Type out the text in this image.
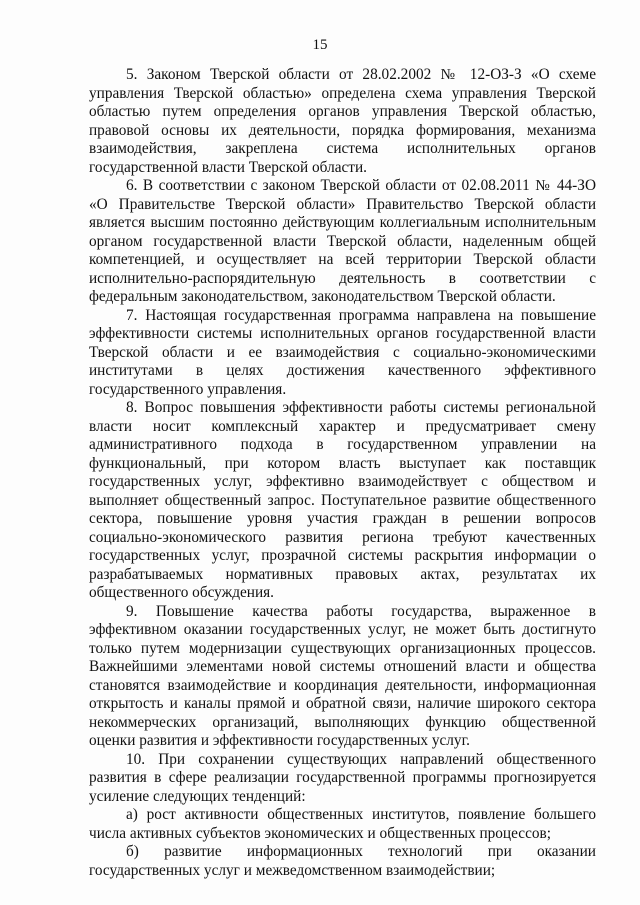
15

5. Законом Тверской области от 28.02.2002 № 12-ОЗ-З «О схеме управления Тверской областью» определена схема управления Тверской областью путем определения органов управления Тверской областью, правовой основы их деятельности, порядка формирования, механизма взаимодействия, закреплена система исполнительных органов государственной власти Тверской области.

6. В соответствии с законом Тверской области от 02.08.2011 № 44-ЗО «О Правительстве Тверской области» Правительство Тверской области является высшим постоянно действующим коллегиальным исполнительным органом государственной власти Тверской области, наделенным общей компетенцией, и осуществляет на всей территории Тверской области исполнительно-распорядительную деятельность в соответствии с федеральным законодательством, законодательством Тверской области.

7. Настоящая государственная программа направлена на повышение эффективности системы исполнительных органов государственной власти Тверской области и ее взаимодействия с социально-экономическими институтами в целях достижения качественного эффективного государственного управления.

8. Вопрос повышения эффективности работы системы региональной власти носит комплексный характер и предусматривает смену административного подхода в государственном управлении на функциональный, при котором власть выступает как поставщик государственных услуг, эффективно взаимодействует с обществом и выполняет общественный запрос. Поступательное развитие общественного сектора, повышение уровня участия граждан в решении вопросов социально-экономического развития региона требуют качественных государственных услуг, прозрачной системы раскрытия информации о разрабатываемых нормативных правовых актах, результатах их общественного обсуждения.

9. Повышение качества работы государства, выраженное в эффективном оказании государственных услуг, не может быть достигнуто только путем модернизации существующих организационных процессов. Важнейшими элементами новой системы отношений власти и общества становятся взаимодействие и координация деятельности, информационная открытость и каналы прямой и обратной связи, наличие широкого сектора некоммерческих организаций, выполняющих функцию общественной оценки развития и эффективности государственных услуг.

10. При сохранении существующих направлений общественного развития в сфере реализации государственной программы прогнозируется усиление следующих тенденций:

а) рост активности общественных институтов, появление большего числа активных субъектов экономических и общественных процессов;

б) развитие информационных технологий при оказании государственных услуг и межведомственном взаимодействии;
